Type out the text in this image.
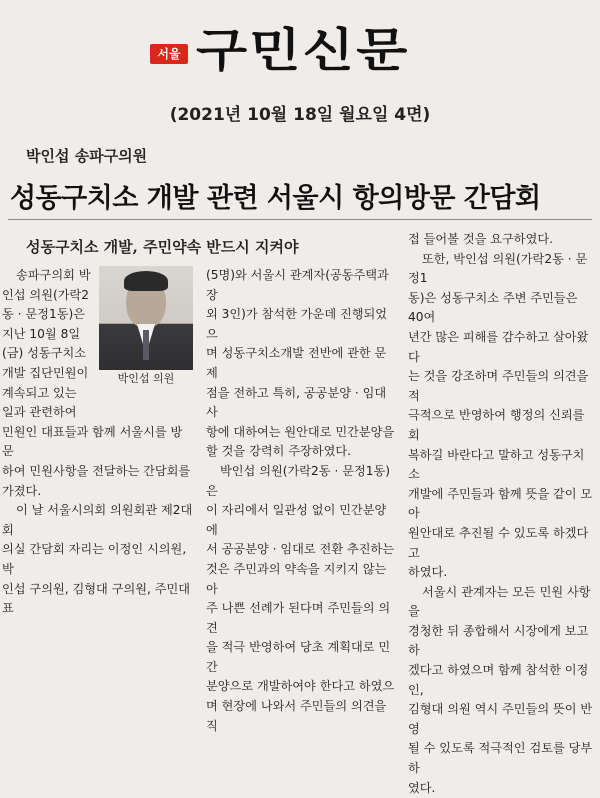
서울 구민신문
(2021년 10월 18일 월요일 4면)
박인섭 송파구의원
성동구치소 개발 관련 서울시 항의방문 간담회
성동구치소 개발, 주민약속 반드시 지켜야
박인섭 의원

송파구의회 박

인섭 의원(가락2

동 · 문정1동)은

지난 10월 8일

(금) 성동구치소

개발 집단민원이

계속되고 있는

일과 관련하여

민원인 대표들과 함께 서울시를 방문

하여 민원사항을 전달하는 간담회를

가졌다.

이 날 서울시의회 의원회관 제2대회

의실 간담회 자리는 이정인 시의원, 박

인섭 구의원, 김형대 구의원, 주민대표

(5명)와 서울시 관계자(공동주택과장

외 3인)가 참석한 가운데 진행되었으

며 성동구치소개발 전반에 관한 문제

점을 전하고 특히, 공공분양 · 임대사

항에 대하여는 원안대로 민간분양을

할 것을 강력히 주장하였다.

박인섭 의원(가락2동 · 문정1동)은

이 자리에서 일관성 없이 민간분양에

서 공공분양 · 임대로 전환 추진하는

것은 주민과의 약속을 지키지 않는 아

주 나쁜 선례가 된다며 주민들의 의견

을 적극 반영하여 당초 계획대로 민간

분양으로 개발하여야 한다고 하였으

며 현장에 나와서 주민들의 의견을 직

접 들어볼 것을 요구하였다.

또한, 박인섭 의원(가락2동 · 문정1

동)은 성동구치소 주변 주민들은 40여

년간 많은 피해를 감수하고 살아왔다

는 것을 강조하며 주민들의 의견을 적

극적으로 반영하여 행정의 신뢰를 회

복하길 바란다고 말하고 성동구치소

개발에 주민들과 함께 뜻을 같이 모아

원안대로 추진될 수 있도록 하겠다고

하였다.

서울시 관계자는 모든 민원 사항을

경청한 뒤 종합해서 시장에게 보고하

겠다고 하였으며 함께 참석한 이정인,

김형대 의원 역시 주민들의 뜻이 반영

될 수 있도록 적극적인 검토를 당부하

였다.
